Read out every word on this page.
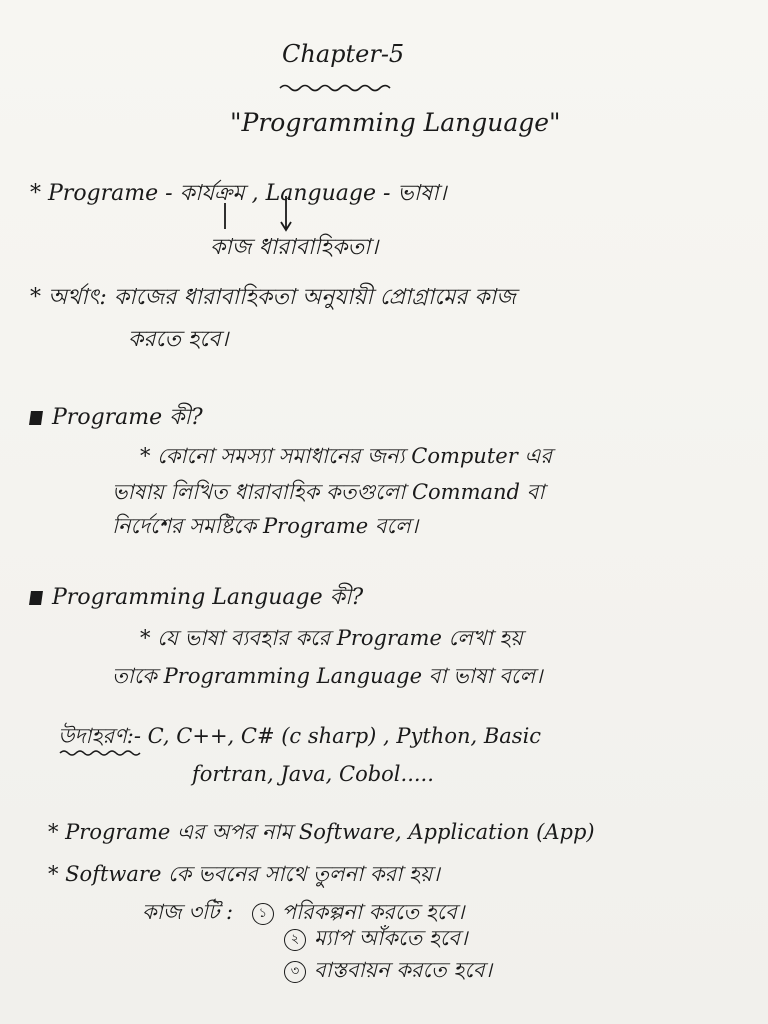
Chapter-5
"Programming Language"
* Programe - কার্যক্রম , Language - ভাষা।
কাজ ধারাবাহিকতা।
* অর্থাৎ: কাজের ধারাবাহিকতা অনুযায়ী প্রোগ্রামের কাজ
করতে হবে।
Programe কী?
* কোনো সমস্যা সমাধানের জন্য Computer এর
ভাষায় লিখিত ধারাবাহিক কতগুলো Command বা
নির্দেশের সমষ্টিকে Programe বলে।
Programming Language কী?
* যে ভাষা ব্যবহার করে Programe লেখা হয়
তাকে Programming Language বা ভাষা বলে।
উদাহরণ:- C, C++, C# (c sharp) , Python, Basic
fortran, Java, Cobol.....
* Programe এর অপর নাম Software, Application (App)
* Software কে ভবনের সাথে তুলনা করা হয়।
কাজ ৩টি : ১ পরিকল্পনা করতে হবে।
২ ম্যাপ আঁকতে হবে।
৩ বাস্তবায়ন করতে হবে।
